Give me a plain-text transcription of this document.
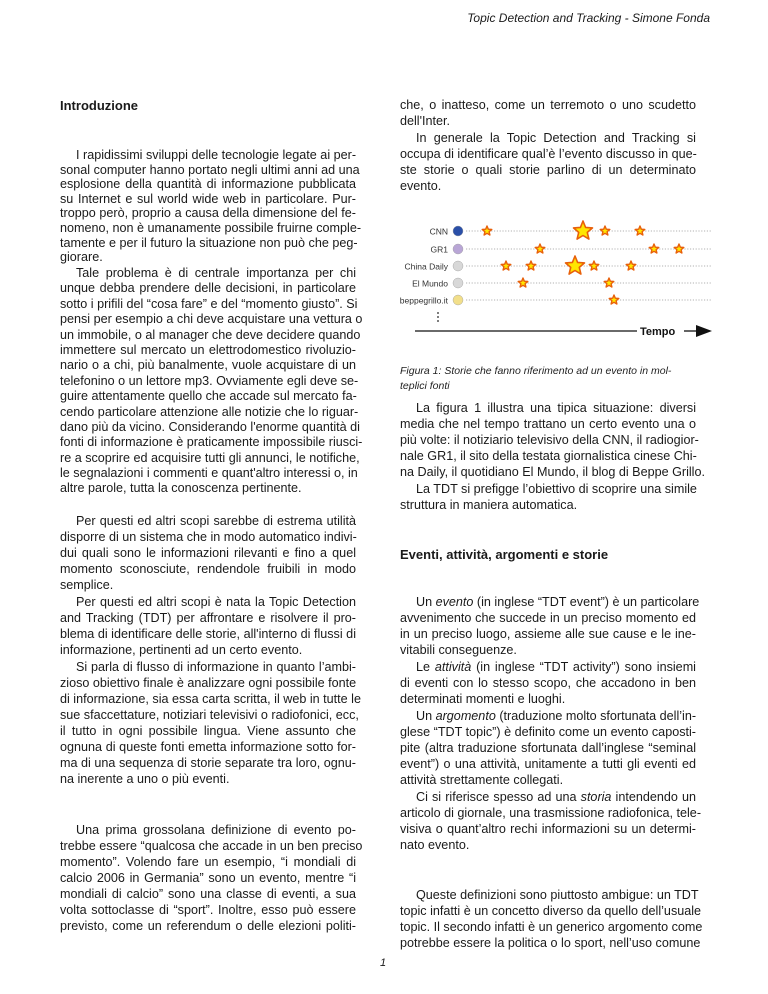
Topic Detection and Tracking - Simone Fonda
Introduzione
Eventi, attività, argomenti e storie
I rapidissimi sviluppi delle tecnologie legate ai per-
sonal computer hanno portato negli ultimi anni ad una
esplosione della quantità di informazione pubblicata
su Internet e sul world wide web in particolare. Pur-
troppo però, proprio a causa della dimensione del fe-
nomeno, non è umanamente possibile fruirne comple-
tamente e per il futuro la situazione non può che peg-
giorare.
Tale problema è di centrale importanza per chi
unque debba prendere delle decisioni, in particolare
sotto i prifili del “cosa fare” e del “momento giusto”. Si
pensi per esempio a chi deve acquistare una vettura o
un immobile, o al manager che deve decidere quando
immettere sul mercato un elettrodomestico rivoluzio-
nario o a chi, più banalmente, vuole acquistare di un
telefonino o un lettore mp3. Ovviamente egli deve se-
guire attentamente quello che accade sul mercato fa-
cendo particolare attenzione alle notizie che lo riguar-
dano più da vicino. Considerando l'enorme quantità di
fonti di informazione è praticamente impossibile riusci-
re a scoprire ed acquisire tutti gli annunci, le notifiche,
le segnalazioni i commenti e quant'altro interessi o, in
altre parole, tutta la conoscenza pertinente.
Per questi ed altri scopi sarebbe di estrema utilità
disporre di un sistema che in modo automatico indivi-
dui quali sono le informazioni rilevanti e fino a quel
momento sconosciute, rendendole fruibili in modo
semplice.
Per questi ed altri scopi è nata la Topic Detection
and Tracking (TDT) per affrontare e risolvere il pro-
blema di identificare delle storie, all'interno di flussi di
informazione, pertinenti ad un certo evento.
Si parla di flusso di informazione in quanto l’ambi-
zioso obiettivo finale è analizzare ogni possibile fonte
di informazione, sia essa carta scritta, il web in tutte le
sue sfaccettature, notiziari televisivi o radiofonici, ecc,
il tutto in ogni possibile lingua. Viene assunto che
ognuna di queste fonti emetta informazione sotto for-
ma di una sequenza di storie separate tra loro, ognu-
na inerente a uno o più eventi.
Una prima grossolana definizione di evento po-
trebbe essere “qualcosa che accade in un ben preciso
momento”. Volendo fare un esempio, “i mondiali di
calcio 2006 in Germania” sono un evento, mentre “i
mondiali di calcio” sono una classe di eventi, a sua
volta sottoclasse di “sport”. Inoltre, esso può essere
previsto, come un referendum o delle elezioni politi-
che, o inatteso, come un terremoto o uno scudetto
dell'Inter.
In generale la Topic Detection and Tracking si
occupa di identificare qual’è l’evento discusso in que-
ste storie o quali storie parlino di un determinato
evento.
La figura 1 illustra una tipica situazione: diversi
media che nel tempo trattano un certo evento una o
più volte: il notiziario televisivo della CNN, il radiogior-
nale GR1, il sito della testata giornalistica cinese Chi-
na Daily, il quotidiano El Mundo, il blog di Beppe Grillo.
La TDT si prefigge l’obiettivo di scoprire una simile
struttura in maniera automatica.
Un evento (in inglese “TDT event”) è un particolare
avvenimento che succede in un preciso momento ed
in un preciso luogo, assieme alle sue cause e le ine-
vitabili conseguenze.
Le attività (in inglese “TDT activity”) sono insiemi
di eventi con lo stesso scopo, che accadono in ben
determinati momenti e luoghi.
Un argomento (traduzione molto sfortunata dell’in-
glese “TDT topic”) è definito come un evento caposti-
pite (altra traduzione sfortunata dall’inglese “seminal
event”) o una attività, unitamente a tutti gli eventi ed
attività strettamente collegati.
Ci si riferisce spesso ad una storia intendendo un
articolo di giornale, una trasmissione radiofonica, tele-
visiva o quant’altro rechi informazioni su un determi-
nato evento.
Queste definizioni sono piuttosto ambigue: un TDT
topic infatti è un concetto diverso da quello dell’usuale
topic. Il secondo infatti è un generico argomento come
potrebbe essere la politica o lo sport, nell’uso comune
CNN
GR1
China Daily
El Mundo
beppegrillo.it
Tempo
Figura 1: Storie che fanno riferimento ad un evento in mol-
teplici fonti
1
